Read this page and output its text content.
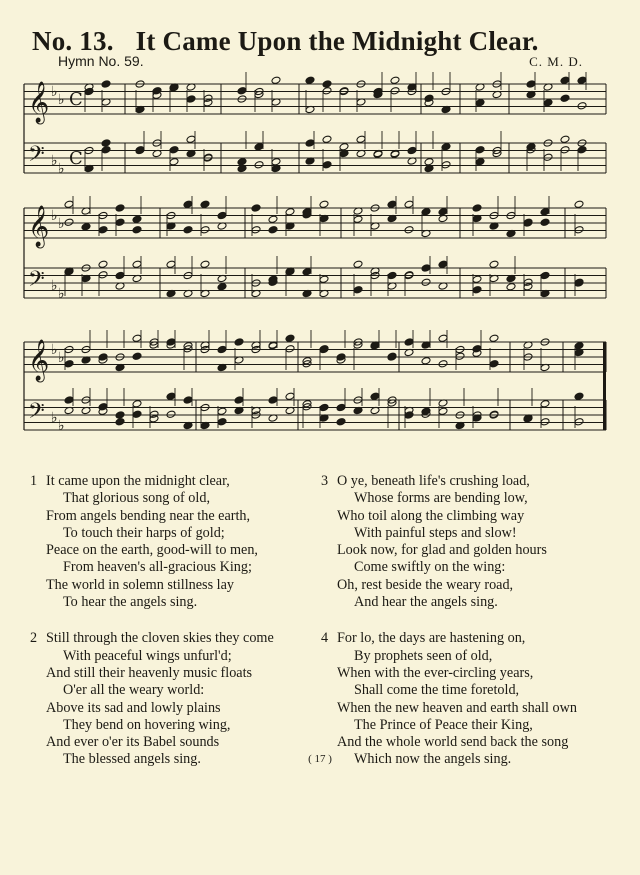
No. 13. It Came Upon the Midnight Clear.
Hymn No. 59.	C. M. D.
𝄞 ♭ ♭ C
𝄢 ♭ ♭ C
𝄞 ♭ ♭
𝄢 ♭ ♭
𝄞 ♭ ♭
𝄢 ♭ ♭
1 It came upon the midnight clear,
That glorious song of old,
From angels bending near the earth,
To touch their harps of gold;
Peace on the earth, good-will to men,
From heaven's all-gracious King;
The world in solemn stillness lay
To hear the angels sing.
2 Still through the cloven skies they come
With peaceful wings unfurl'd;
And still their heavenly music floats
O'er all the weary world:
Above its sad and lowly plains
They bend on hovering wing,
And ever o'er its Babel sounds
The blessed angels sing.
3 O ye, beneath life's crushing load,
Whose forms are bending low,
Who toil along the climbing way
With painful steps and slow!
Look now, for glad and golden hours
Come swiftly on the wing:
Oh, rest beside the weary road,
And hear the angels sing.
4 For lo, the days are hastening on,
By prophets seen of old,
When with the ever-circling years,
Shall come the time foretold,
When the new heaven and earth shall own
The Prince of Peace their King,
And the whole world send back the song
Which now the angels sing.
( 17 )
